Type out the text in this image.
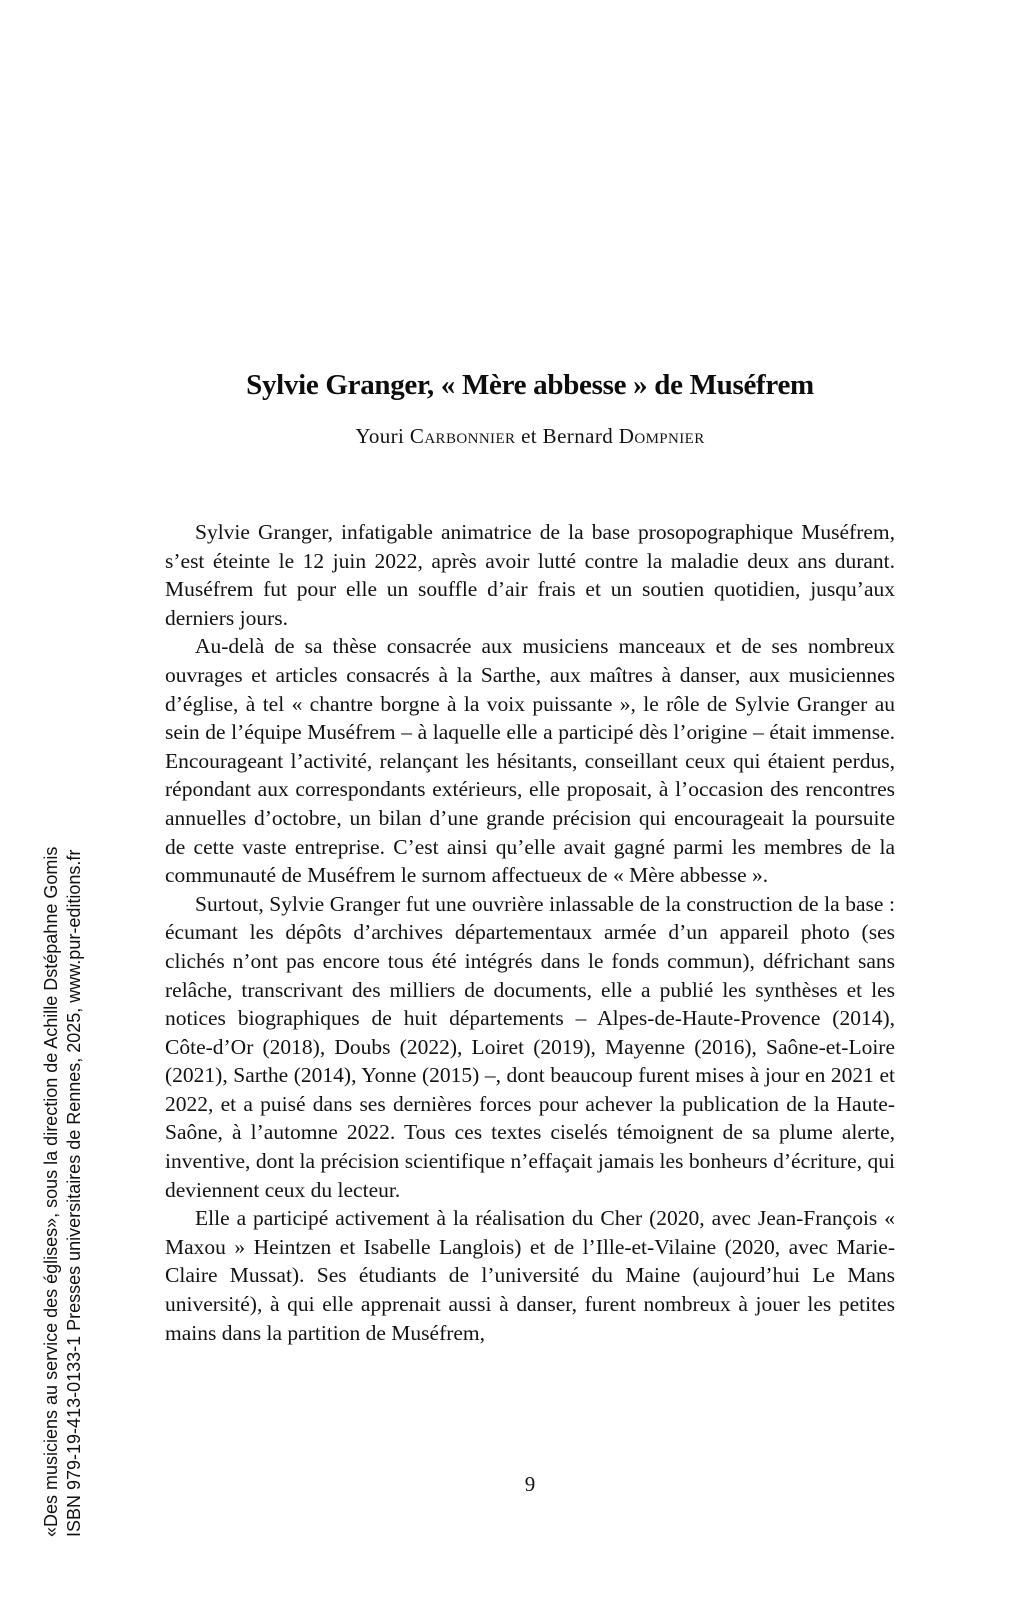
Sylvie Granger, « Mère abbesse » de Muséfrem
Youri Carbonnier et Bernard Dompnier

Sylvie Granger, infatigable animatrice de la base prosopographique Muséfrem, s’est éteinte le 12 juin 2022, après avoir lutté contre la maladie deux ans durant. Muséfrem fut pour elle un souffle d’air frais et un soutien quotidien, jusqu’aux derniers jours.

Au-delà de sa thèse consacrée aux musiciens manceaux et de ses nombreux ouvrages et articles consacrés à la Sarthe, aux maîtres à danser, aux musiciennes d’église, à tel « chantre borgne à la voix puissante », le rôle de Sylvie Granger au sein de l’équipe Muséfrem – à laquelle elle a participé dès l’origine – était immense. Encourageant l’activité, relançant les hésitants, conseillant ceux qui étaient perdus, répondant aux correspondants extérieurs, elle proposait, à l’occasion des rencontres annuelles d’octobre, un bilan d’une grande précision qui encourageait la poursuite de cette vaste entreprise. C’est ainsi qu’elle avait gagné parmi les membres de la communauté de Muséfrem le surnom affectueux de « Mère abbesse ».

Surtout, Sylvie Granger fut une ouvrière inlassable de la construction de la base : écumant les dépôts d’archives départementaux armée d’un appareil photo (ses clichés n’ont pas encore tous été intégrés dans le fonds commun), défrichant sans relâche, transcrivant des milliers de documents, elle a publié les synthèses et les notices biographiques de huit départements – Alpes-de-Haute-Provence (2014), Côte-d’Or (2018), Doubs (2022), Loiret (2019), Mayenne (2016), Saône-et-Loire (2021), Sarthe (2014), Yonne (2015) –, dont beaucoup furent mises à jour en 2021 et 2022, et a puisé dans ses dernières forces pour achever la publication de la Haute-Saône, à l’automne 2022. Tous ces textes ciselés témoignent de sa plume alerte, inventive, dont la précision scientifique n’effaçait jamais les bonheurs d’écriture, qui deviennent ceux du lecteur.

Elle a participé activement à la réalisation du Cher (2020, avec Jean-François « Maxou » Heintzen et Isabelle Langlois) et de l’Ille-et-Vilaine (2020, avec Marie-Claire Mussat). Ses étudiants de l’université du Maine (aujourd’hui Le Mans université), à qui elle apprenait aussi à danser, furent nombreux à jouer les petites mains dans la partition de Muséfrem,

9
«Des musiciens au service des églises», sous la direction de Achille Dstépahne Gomis ISBN 979-19-413-0133-1 Presses universitaires de Rennes, 2025, www.pur-editions.fr
